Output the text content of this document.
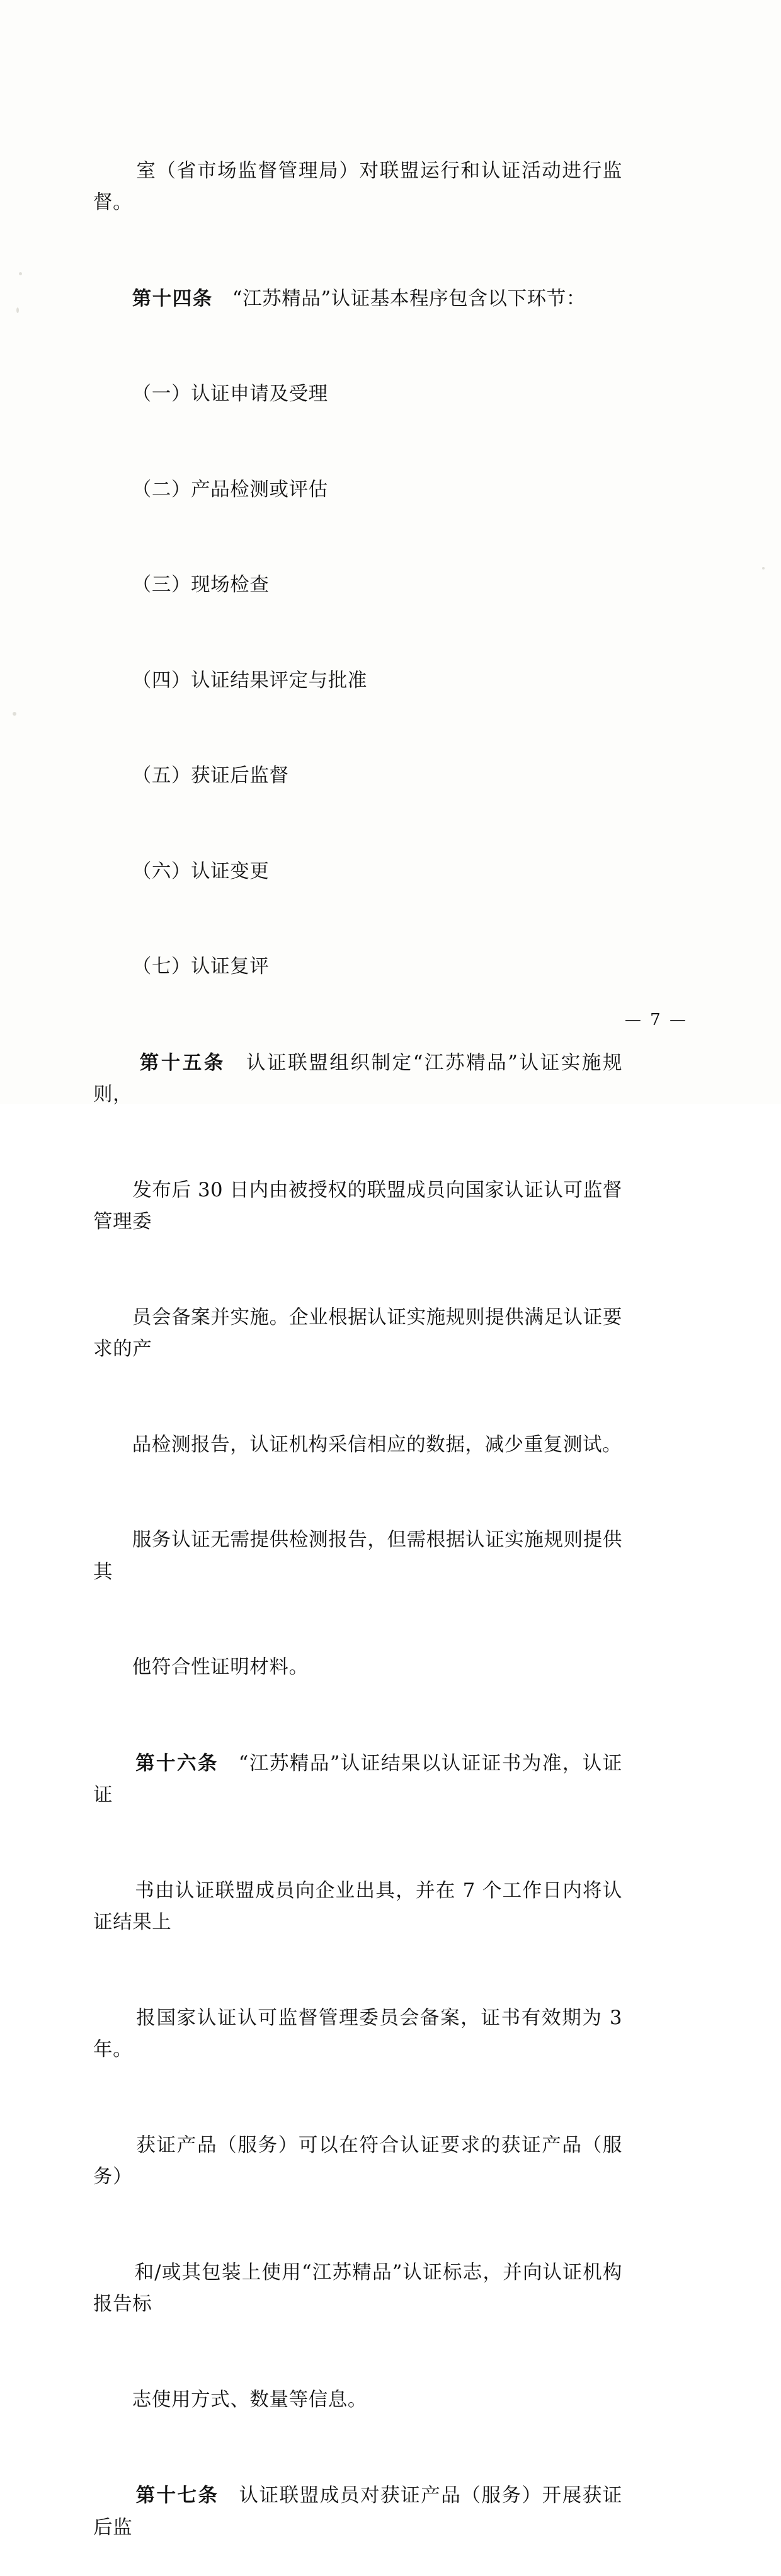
室（省市场监督管理局）对联盟运行和认证活动进行监督。

第十四条　“江苏精品”认证基本程序包含以下环节：

（一）认证申请及受理

（二）产品检测或评估

（三）现场检查

（四）认证结果评定与批准

（五）获证后监督

（六）认证变更

（七）认证复评

第十五条　认证联盟组织制定“江苏精品”认证实施规则，

发布后 30 日内由被授权的联盟成员向国家认证认可监督管理委

员会备案并实施。企业根据认证实施规则提供满足认证要求的产

品检测报告，认证机构采信相应的数据，减少重复测试。

服务认证无需提供检测报告，但需根据认证实施规则提供其

他符合性证明材料。

第十六条　“江苏精品”认证结果以认证证书为准，认证证

书由认证联盟成员向企业出具，并在 7 个工作日内将认证结果上

报国家认证认可监督管理委员会备案，证书有效期为 3 年。

获证产品（服务）可以在符合认证要求的获证产品（服务）

和/或其包装上使用“江苏精品”认证标志，并向认证机构报告标

志使用方式、数量等信息。

第十七条　认证联盟成员对获证产品（服务）开展获证后监

— 7 —
